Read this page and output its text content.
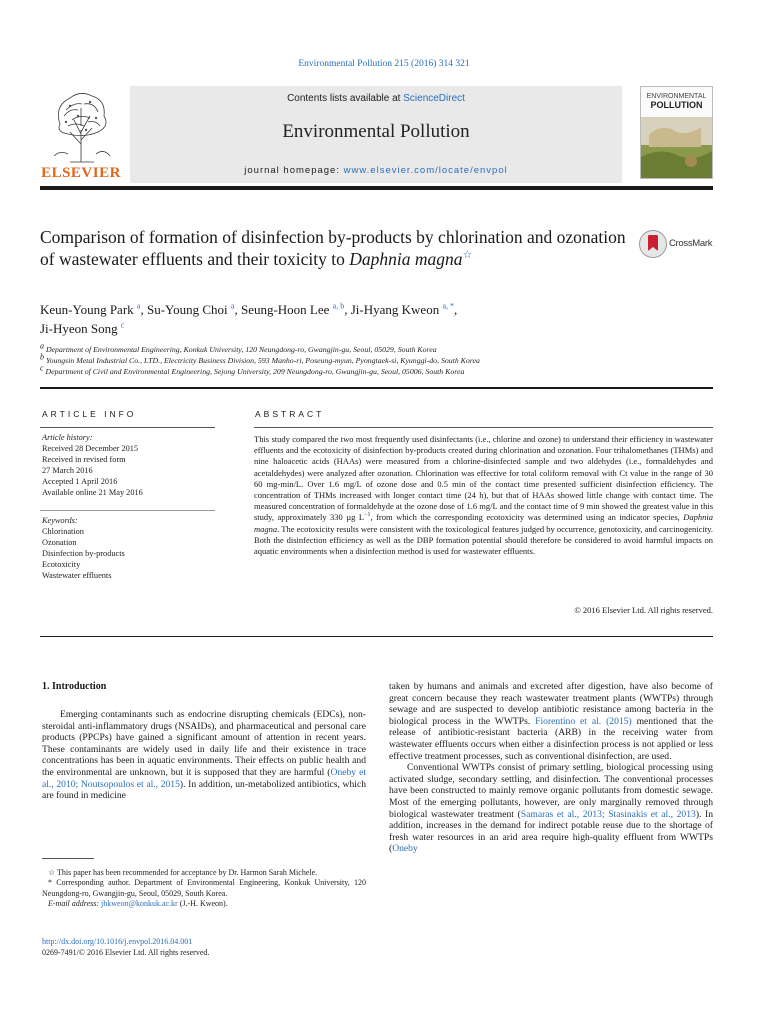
Environmental Pollution 215 (2016) 314 321
ELSEVIER
Contents lists available at ScienceDirect
Environmental Pollution
journal homepage: www.elsevier.com/locate/envpol
ENVIRONMENTAL
POLLUTION
Comparison of formation of disinfection by-products by chlorination and ozonation of wastewater effluents and their toxicity to Daphnia magna☆
CrossMark
Keun-Young Park $^a$, Su-Young Choi $^a$, Seung-Hoon Lee $^{a, b}$, Ji-Hyang Kweon $^{a, *}$,
Ji-Hyeon Song $^c$
$^a$ Department of Environmental Engineering, Konkuk University, 120 Neungdong-ro, Gwangjin-gu, Seoul, 05029, South Korea
$^b$ Youngsin Metal Industrial Co., LTD., Electricity Business Division, 593 Manho-ri, Poseung-myun, Pyongtaek-si, Kyunggi-do, South Korea
$^c$ Department of Civil and Environmental Engineering, Sejong University, 209 Neungdong-ro, Gwangjin-gu, Seoul, 05006, South Korea
ARTICLE INFO	ABSTRACT
Article history:
Received 28 December 2015
Received in revised form
27 March 2016
Accepted 1 April 2016
Available online 21 May 2016
Keywords:
Chlorination
Ozonation
Disinfection by-products
Ecotoxicity
Wastewater effluents
This study compared the two most frequently used disinfectants (i.e., chlorine and ozone) to understand their efficiency in wastewater effluents and the ecotoxicity of disinfection by-products created during chlorination and ozonation. Four trihalomethanes (THMs) and nine haloacetic acids (HAAs) were measured from a chlorine-disinfected sample and two aldehydes (i.e., formaldehydes and acetaldehydes) were analyzed after ozonation. Chlorination was effective for total coliform removal with Ct value in the range of 30 60 mg-min/L. Over 1.6 mg/L of ozone dose and 0.5 min of the contact time presented sufficient disinfection efficiency. The concentration of THMs increased with longer contact time (24 h), but that of HAAs showed little change with contact time. The measured concentration of formaldehyde at the ozone dose of 1.6 mg/L and the contact time of 9 min showed the greatest value in this study, approximately 330 µg $L^{-1}$, from which the corresponding ecotoxicity was determined using an indicator species, Daphnia magna. The ecotoxicity results were consistent with the toxicological features judged by occurrence, genotoxicity, and carcinogenicity. Both the disinfection efficiency as well as the DBP formation potential should therefore be considered to avoid harmful impacts on aquatic environments when a disinfection method is used for wastewater effluents.
© 2016 Elsevier Ltd. All rights reserved.
1. Introduction

Emerging contaminants such as endocrine disrupting chemicals (EDCs), non-steroidal anti-inflammatory drugs (NSAIDs), and pharmaceutical and personal care products (PPCPs) have gained a significant amount of attention in recent years. These contaminants are widely used in daily life and their existence in trace concentrations has been in aquatic environments. Their effects on public health and the environmental are unknown, but it is supposed that they are harmful (Oneby et al., 2010; Noutsopoulos et al., 2015). In addition, un-metabolized antibiotics, which are found in medicine

taken by humans and animals and excreted after digestion, have also become of great concern because they reach wastewater treatment plants (WWTPs) through sewage and are suspected to develop antibiotic resistance among bacteria in the biological process in the WWTPs. Fiorentino et al. (2015) mentioned that the release of antibiotic-resistant bacteria (ARB) in the receiving water from wastewater effluents occurs when either a disinfection process is not applied or less effective treatment processes, such as conventional disinfection, are used.

Conventional WWTPs consist of primary settling, biological processing using activated sludge, secondary settling, and disinfection. The conventional processes have been constructed to mainly remove organic pollutants from domestic sewage. Most of the emerging pollutants, however, are only marginally removed through biological wastewater treatment (Samaras et al., 2013; Stasinakis et al., 2013). In addition, increases in the demand for indirect potable reuse due to the shortage of fresh water resources in an arid area require high-quality effluent from WWTPs (Oneby

☆ This paper has been recommended for acceptance by Dr. Harmon Sarah Michele.

* Corresponding author. Department of Environmental Engineering, Konkuk University, 120 Neungdong-ro, Gwangjin-gu, Seoul, 05029, South Korea.

E-mail address: jhkweon@konkuk.ac.kr (J.-H. Kweon).

http://dx.doi.org/10.1016/j.envpol.2016.04.001
0269-7491/© 2016 Elsevier Ltd. All rights reserved.
